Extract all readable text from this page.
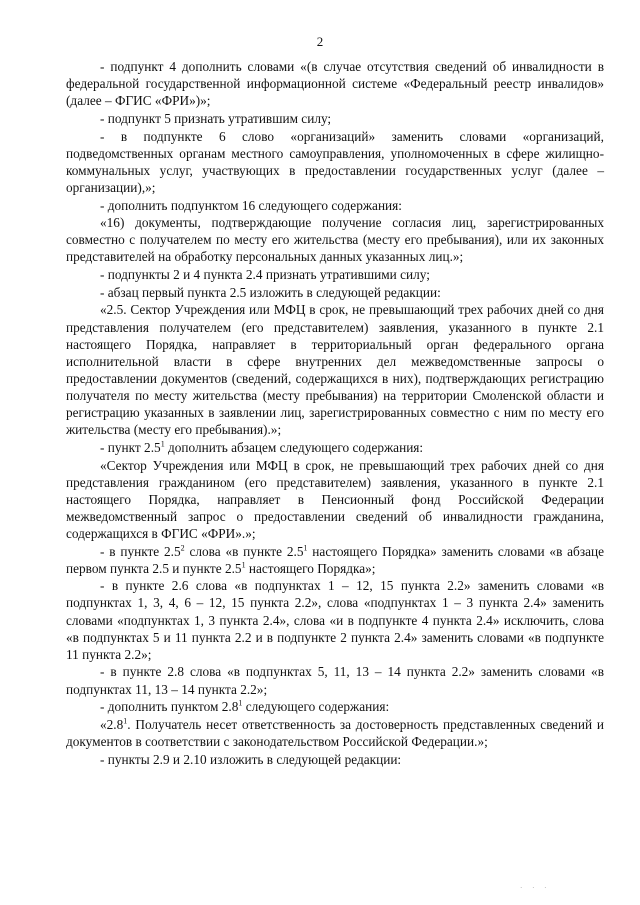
2

- подпункт 4 дополнить словами «(в случае отсутствия сведений об инвалидности в федеральной государственной информационной системе «Федеральный реестр инвалидов» (далее – ФГИС «ФРИ»)»;

- подпункт 5 признать утратившим силу;

- в подпункте 6 слово «организаций» заменить словами «организаций, подведомственных органам местного самоуправления, уполномоченных в сфере жилищно-коммунальных услуг, участвующих в предоставлении государственных услуг (далее – организации),»;

- дополнить подпунктом 16 следующего содержания:

«16) документы, подтверждающие получение согласия лиц, зарегистрированных совместно с получателем по месту его жительства (месту его пребывания), или их законных представителей на обработку персональных данных указанных лиц.»;

- подпункты 2 и 4 пункта 2.4 признать утратившими силу;

- абзац первый пункта 2.5 изложить в следующей редакции:

«2.5. Сектор Учреждения или МФЦ в срок, не превышающий трех рабочих дней со дня представления получателем (его представителем) заявления, указанного в пункте 2.1 настоящего Порядка, направляет в территориальный орган федерального органа исполнительной власти в сфере внутренних дел межведомственные запросы о предоставлении документов (сведений, содержащихся в них), подтверждающих регистрацию получателя по месту жительства (месту пребывания) на территории Смоленской области и регистрацию указанных в заявлении лиц, зарегистрированных совместно с ним по месту его жительства (месту его пребывания).»;

- пункт $2.5^1$ дополнить абзацем следующего содержания:

«Сектор Учреждения или МФЦ в срок, не превышающий трех рабочих дней со дня представления гражданином (его представителем) заявления, указанного в пункте 2.1 настоящего Порядка, направляет в Пенсионный фонд Российской Федерации межведомственный запрос о предоставлении сведений об инвалидности гражданина, содержащихся в ФГИС «ФРИ».»;

- в пункте $2.5^2$ слова «в пункте $2.5^1$ настоящего Порядка» заменить словами «в абзаце первом пункта 2.5 и пункте $2.5^1$ настоящего Порядка»;

- в пункте 2.6 слова «в подпунктах 1 – 12, 15 пункта 2.2» заменить словами «в подпунктах 1, 3, 4, 6 – 12, 15 пункта 2.2», слова «подпунктах 1 – 3 пункта 2.4» заменить словами «подпунктах 1, 3 пункта 2.4», слова «и в подпункте 4 пункта 2.4» исключить, слова «в подпунктах 5 и 11 пункта 2.2 и в подпункте 2 пункта 2.4» заменить словами «в подпункте 11 пункта 2.2»;

- в пункте 2.8 слова «в подпунктах 5, 11, 13 – 14 пункта 2.2» заменить словами «в подпунктах 11, 13 – 14 пункта 2.2»;

- дополнить пунктом $2.8^1$ следующего содержания:

«$2.8^1$. Получатель несет ответственность за достоверность представленных сведений и документов в соответствии с законодательством Российской Федерации.»;

- пункты 2.9 и 2.10 изложить в следующей редакции:

· · ·
